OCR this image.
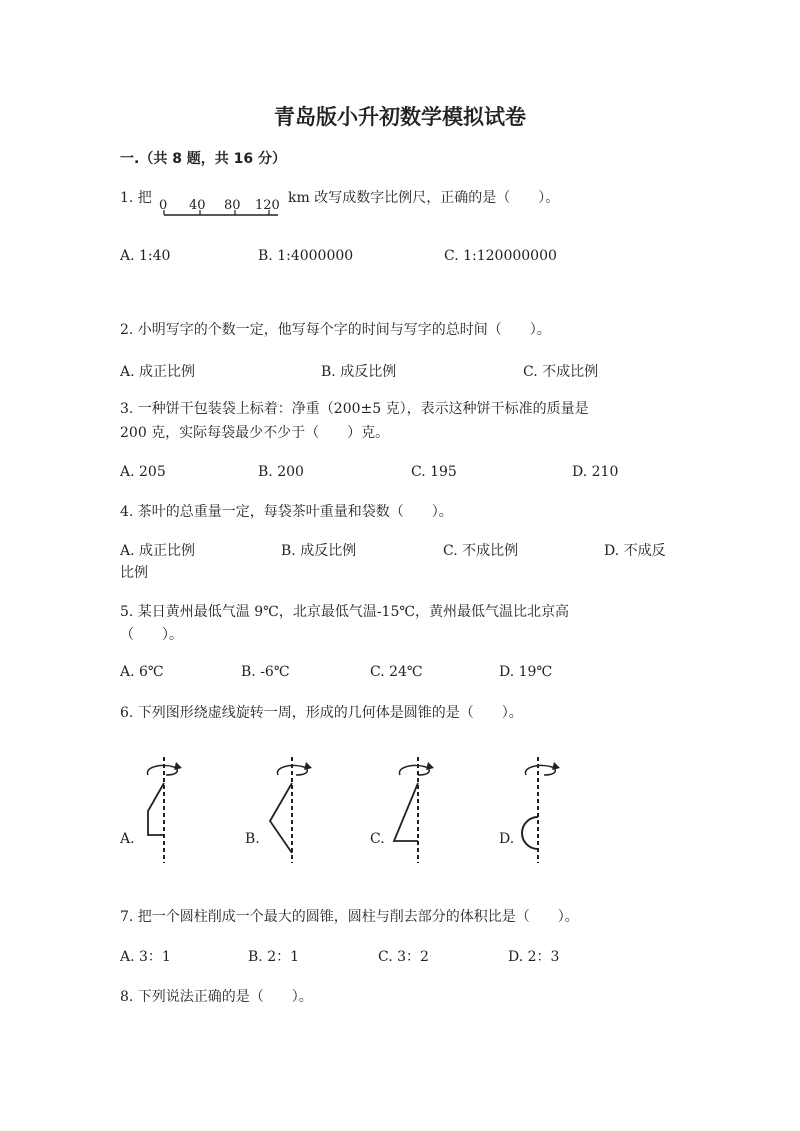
青岛版小升初数学模拟试卷
一.（共 8 题，共 16 分）
1. 把 0 40 80 120 km 改写成数字比例尺，正确的是（　　）。
A. 1:40	B. 1:4000000	C. 1:120000000
2. 小明写字的个数一定，他写每个字的时间与写字的总时间（　　）。
A. 成正比例	B. 成反比例	C. 不成比例
3. 一种饼干包装袋上标着：净重（200±5 克），表示这种饼干标准的质量是
200 克，实际每袋最少不少于（　　）克。
A. 205	B. 200	C. 195	D. 210
4. 茶叶的总重量一定，每袋茶叶重量和袋数（　　）。
A. 成正比例	B. 成反比例	C. 不成比例	D. 不成反
比例
5. 某日黄州最低气温 9℃，北京最低气温-15℃，黄州最低气温比北京高
（　　）。
A. 6℃	B. -6℃	C. 24℃	D. 19℃
6. 下列图形绕虚线旋转一周，形成的几何体是圆锥的是（　　）。
A.	B.	C.	D.
7. 把一个圆柱削成一个最大的圆锥，圆柱与削去部分的体积比是（　　）。
A. 3：1	B. 2：1	C. 3：2	D. 2：3
8. 下列说法正确的是（　　）。
